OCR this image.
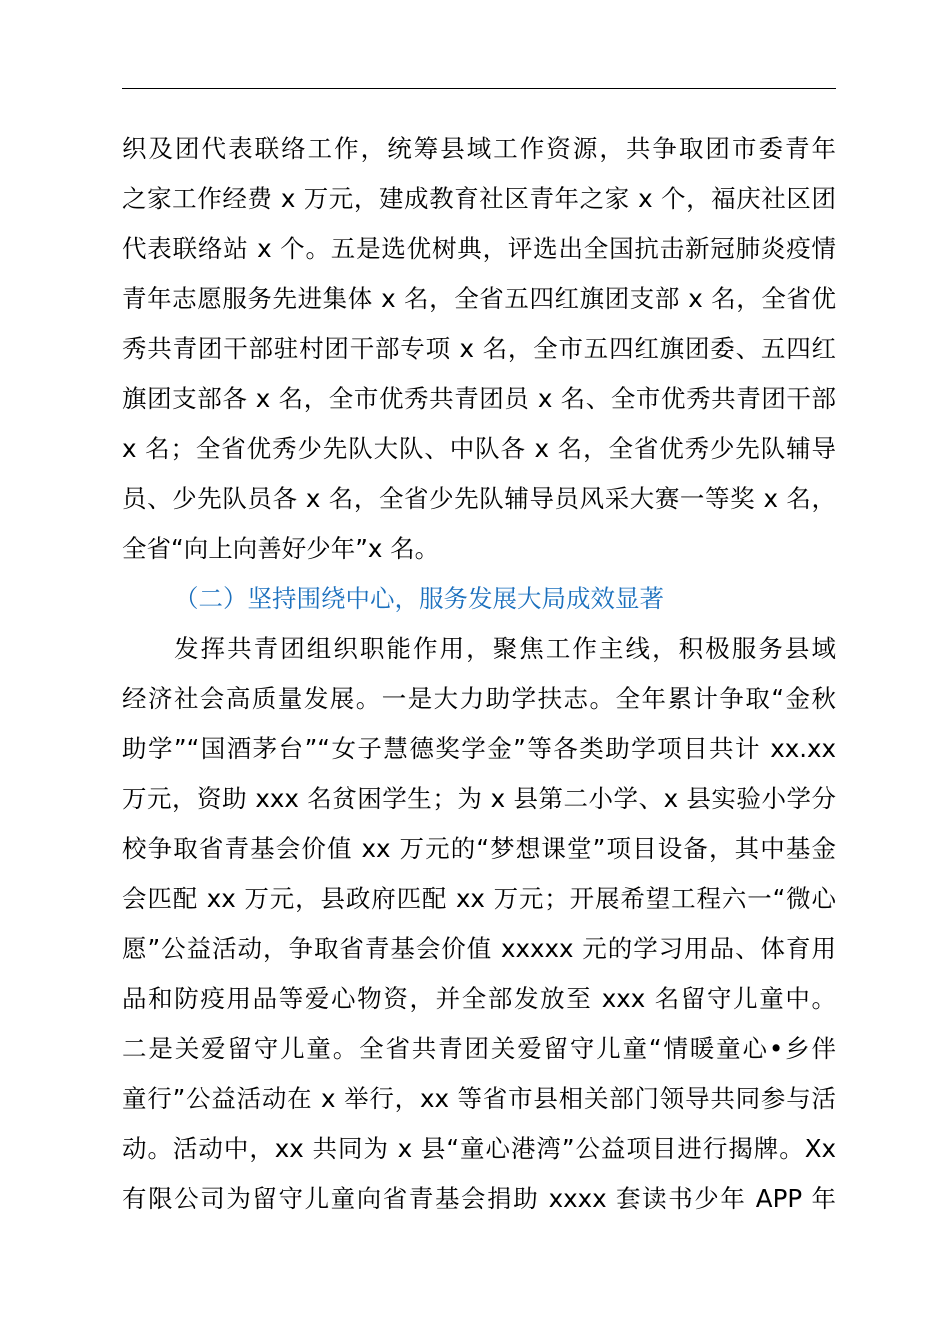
织及团代表联络工作，统筹县域工作资源，共争取团市委青年
之家工作经费 x 万元，建成教育社区青年之家 x 个，福庆社区团
代表联络站 x 个。五是选优树典，评选出全国抗击新冠肺炎疫情
青年志愿服务先进集体 x 名，全省五四红旗团支部 x 名，全省优
秀共青团干部驻村团干部专项 x 名，全市五四红旗团委、五四红
旗团支部各 x 名，全市优秀共青团员 x 名、全市优秀共青团干部
x 名；全省优秀少先队大队、中队各 x 名，全省优秀少先队辅导
员、少先队员各 x 名，全省少先队辅导员风采大赛一等奖 x 名，
全省“向上向善好少年”x 名。
（二）坚持围绕中心，服务发展大局成效显著
发挥共青团组织职能作用，聚焦工作主线，积极服务县域
经济社会高质量发展。一是大力助学扶志。全年累计争取“金秋
助学”“国酒茅台”“女子慧德奖学金”等各类助学项目共计 xx.xx
万元，资助 xxx 名贫困学生；为 x 县第二小学、x 县实验小学分
校争取省青基会价值 xx 万元的“梦想课堂”项目设备，其中基金
会匹配 xx 万元，县政府匹配 xx 万元；开展希望工程六一“微心
愿”公益活动，争取省青基会价值 xxxxx 元的学习用品、体育用
品和防疫用品等爱心物资，并全部发放至 xxx 名留守儿童中。
二是关爱留守儿童。全省共青团关爱留守儿童“情暖童心•乡伴
童行”公益活动在 x 举行，xx 等省市县相关部门领导共同参与活
动。活动中，xx 共同为 x 县“童心港湾”公益项目进行揭牌。Xx
有限公司为留守儿童向省青基会捐助 xxxx 套读书少年 APP 年
